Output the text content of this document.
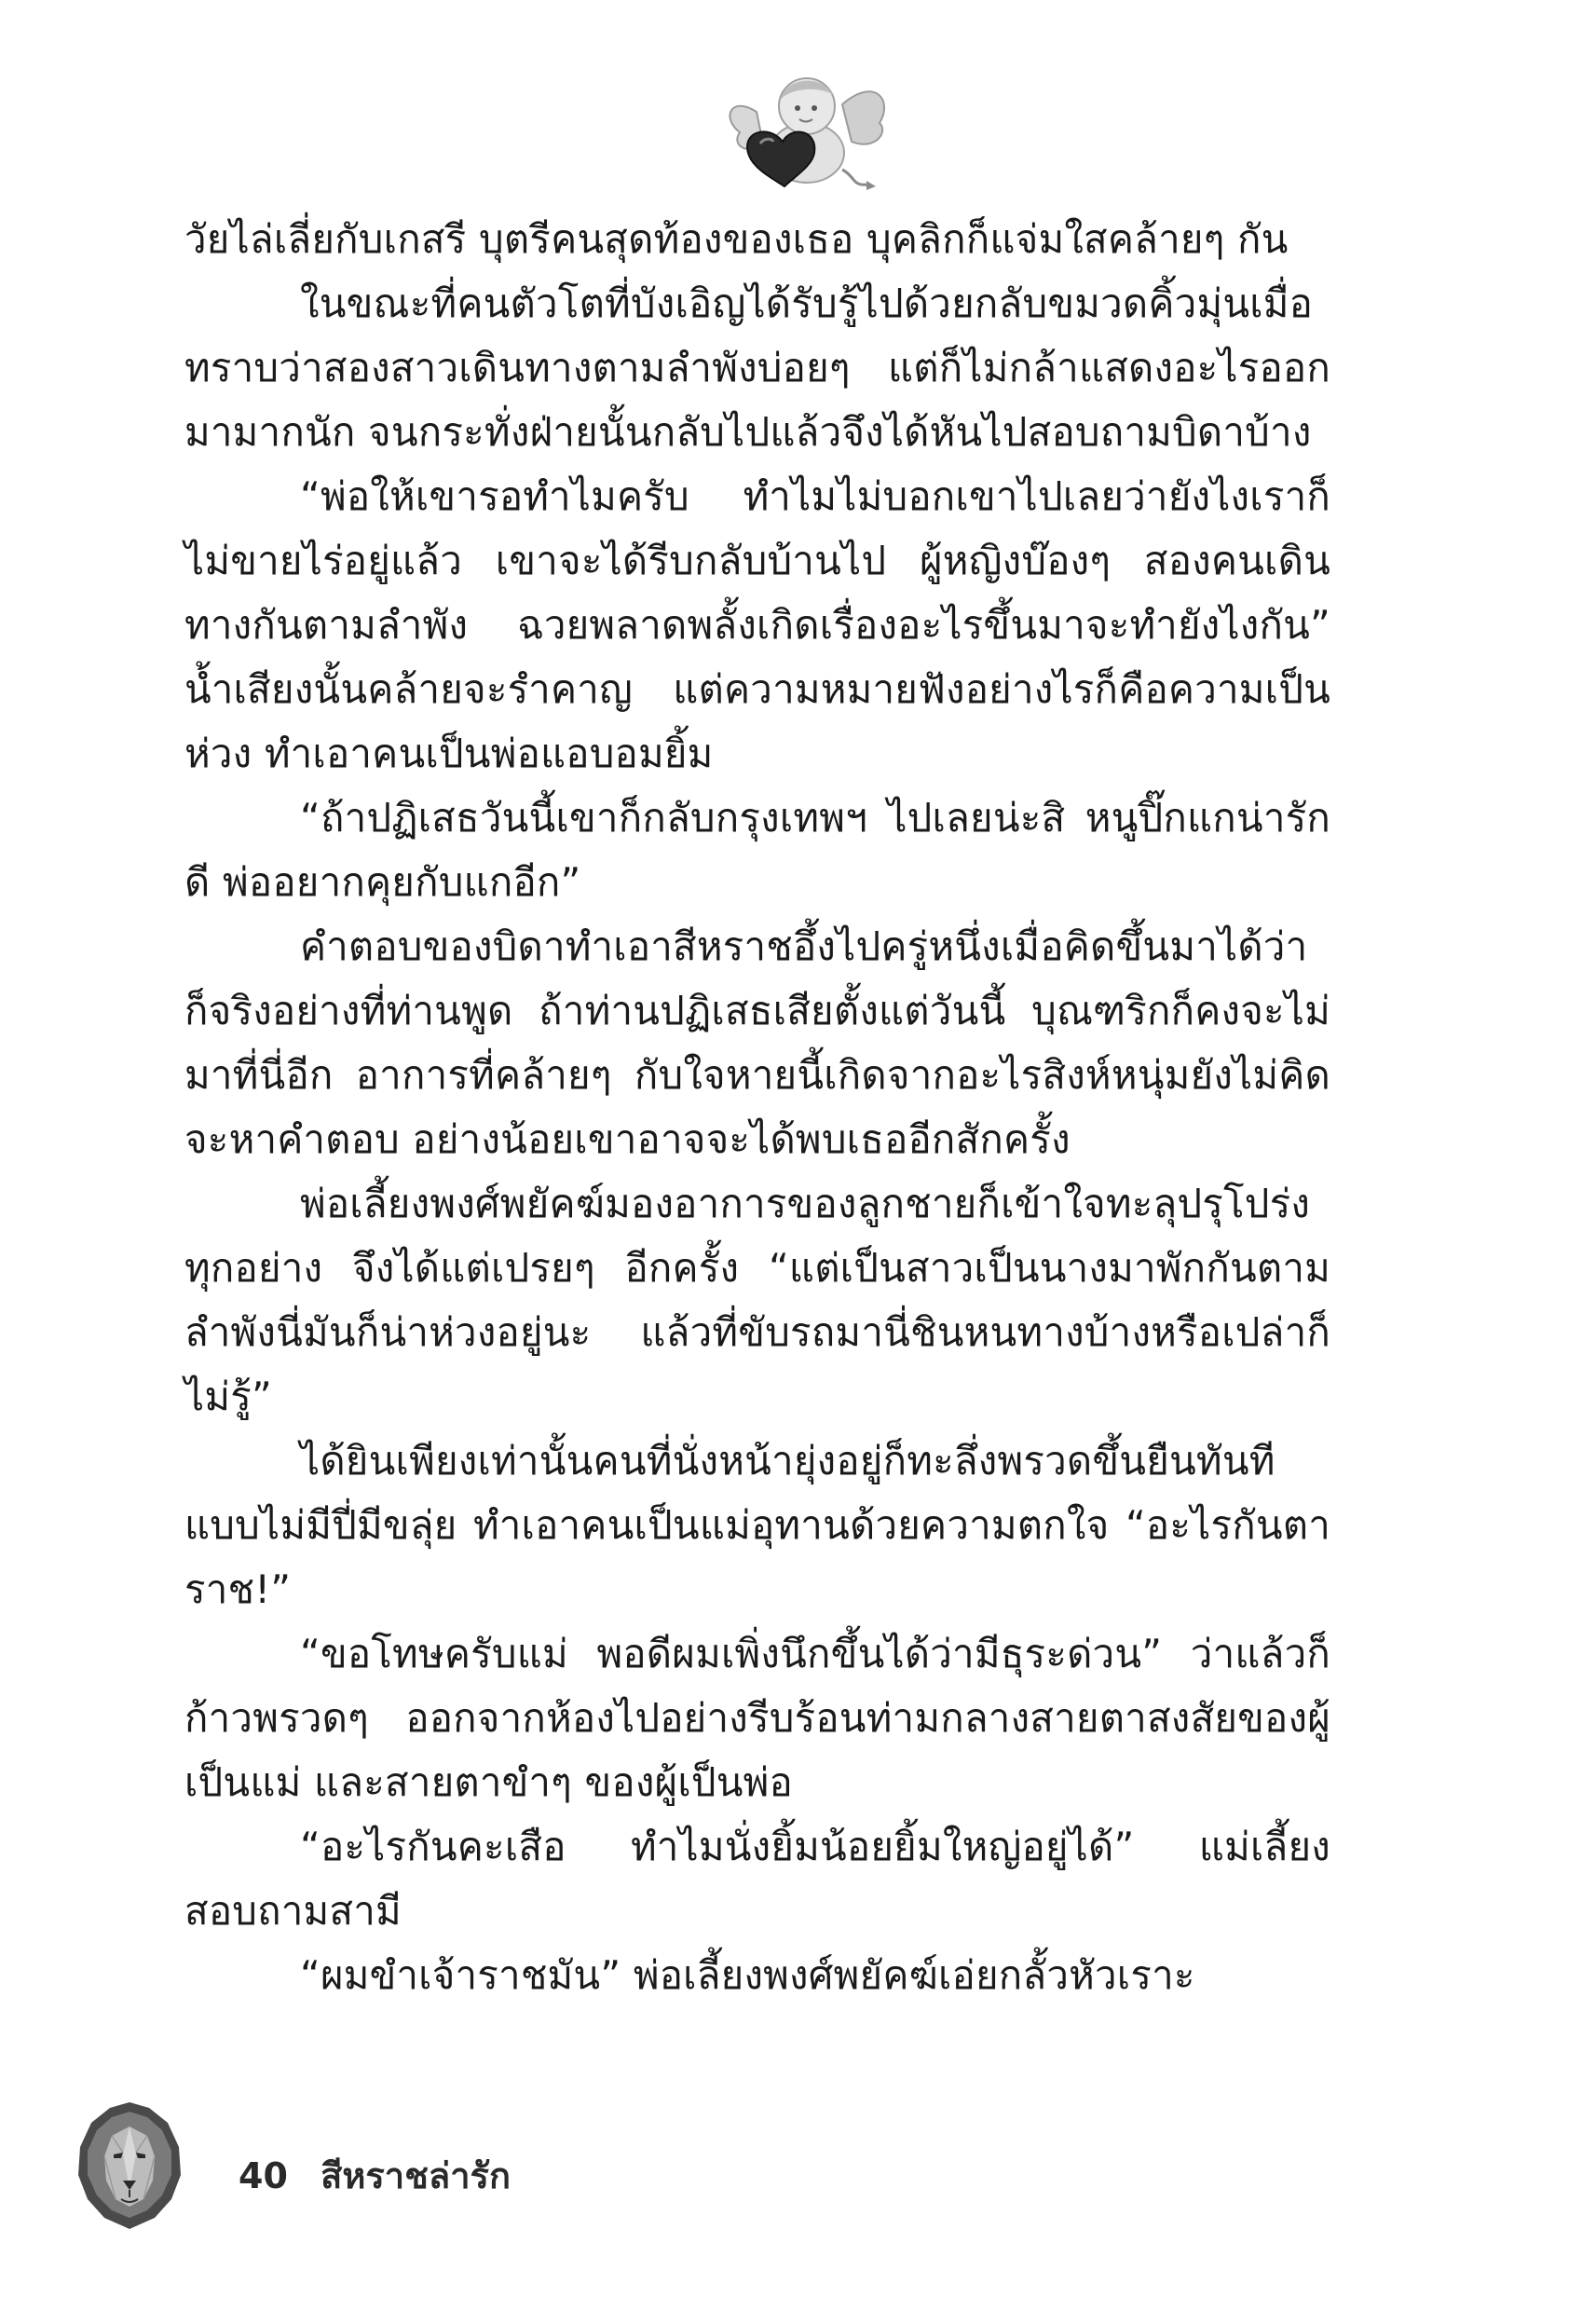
วัยไล่เลี่ยกับเกสรี บุตรีคนสุดท้องของเธอ บุคลิกก็แจ่มใสคล้ายๆ กัน

ในขณะที่คนตัวโตที่บังเอิญได้รับรู้ไปด้วยกลับขมวดคิ้วมุ่นเมื่อทราบว่าสองสาวเดินทางตามลำพังบ่อยๆ แต่ก็ไม่กล้าแสดงอะไรออกมามากนัก จนกระทั่งฝ่ายนั้นกลับไปแล้วจึงได้หันไปสอบถามบิดาบ้าง

“พ่อให้เขารอทำไมครับ ทำไมไม่บอกเขาไปเลยว่ายังไงเราก็ไม่ขายไร่อยู่แล้ว เขาจะได้รีบกลับบ้านไป ผู้หญิงบ๊องๆ สองคนเดินทางกันตามลำพัง ฉวยพลาดพลั้งเกิดเรื่องอะไรขึ้นมาจะทำยังไงกัน” น้ำเสียงนั้นคล้ายจะรำคาญ แต่ความหมายฟังอย่างไรก็คือความเป็นห่วง ทำเอาคนเป็นพ่อแอบอมยิ้ม

“ถ้าปฏิเสธวันนี้เขาก็กลับกรุงเทพฯ ไปเลยน่ะสิ หนูปิ๊กแกน่ารักดี พ่ออยากคุยกับแกอีก”

คำตอบของบิดาทำเอาสีหราชอึ้งไปครู่หนึ่งเมื่อคิดขึ้นมาได้ว่าก็จริงอย่างที่ท่านพูด ถ้าท่านปฏิเสธเสียตั้งแต่วันนี้ บุณฑริกก็คงจะไม่มาที่นี่อีก อาการที่คล้ายๆ กับใจหายนี้เกิดจากอะไรสิงห์หนุ่มยังไม่คิดจะหาคำตอบ อย่างน้อยเขาอาจจะได้พบเธออีกสักครั้ง

พ่อเลี้ยงพงศ์พยัคฆ์มองอาการของลูกชายก็เข้าใจทะลุปรุโปร่งทุกอย่าง จึงได้แต่เปรยๆ อีกครั้ง “แต่เป็นสาวเป็นนางมาพักกันตามลำพังนี่มันก็น่าห่วงอยู่นะ แล้วที่ขับรถมานี่ชินหนทางบ้างหรือเปล่าก็ไม่รู้”

ได้ยินเพียงเท่านั้นคนที่นั่งหน้ายุ่งอยู่ก็ทะลึ่งพรวดขึ้นยืนทันทีแบบไม่มีปี่มีขลุ่ย ทำเอาคนเป็นแม่อุทานด้วยความตกใจ “อะไรกันตาราช!”

“ขอโทษครับแม่ พอดีผมเพิ่งนึกขึ้นได้ว่ามีธุระด่วน” ว่าแล้วก็ก้าวพรวดๆ ออกจากห้องไปอย่างรีบร้อนท่ามกลางสายตาสงสัยของผู้เป็นแม่ และสายตาขำๆ ของผู้เป็นพ่อ

“อะไรกันคะเสือ ทำไมนั่งยิ้มน้อยยิ้มใหญ่อยู่ได้” แม่เลี้ยงสอบถามสามี

“ผมขำเจ้าราชมัน” พ่อเลี้ยงพงศ์พยัคฆ์เอ่ยกลั้วหัวเราะ

40 สีหราชล่ารัก
